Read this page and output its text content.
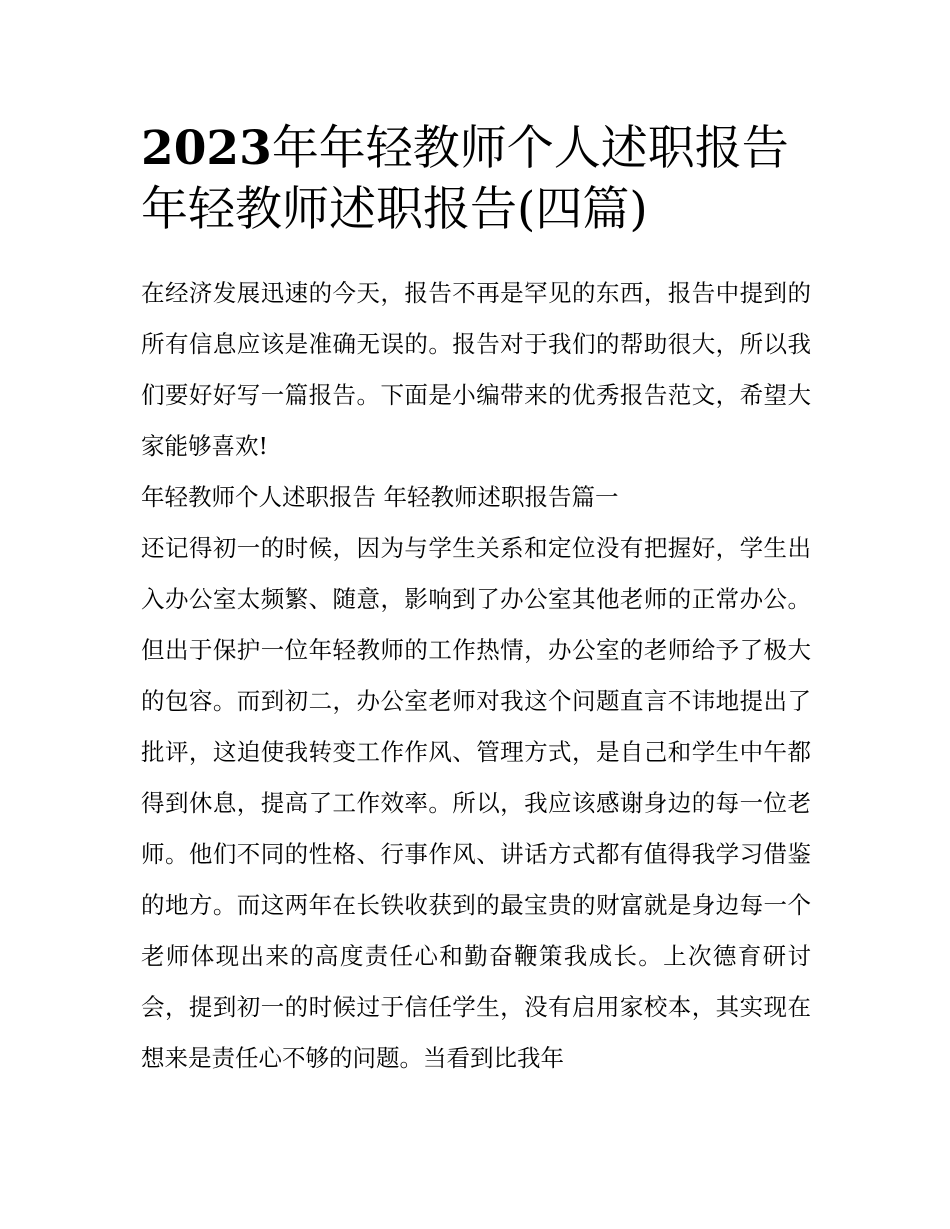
2023年年轻教师个人述职报告
年轻教师述职报告(四篇)

在经济发展迅速的今天，报告不再是罕见的东西，报告中提到的所有信息应该是准确无误的。报告对于我们的帮助很大，所以我们要好好写一篇报告。下面是小编带来的优秀报告范文，希望大家能够喜欢!

年轻教师个人述职报告 年轻教师述职报告篇一

还记得初一的时候，因为与学生关系和定位没有把握好，学生出入办公室太频繁、随意，影响到了办公室其他老师的正常办公。但出于保护一位年轻教师的工作热情，办公室的老师给予了极大的包容。而到初二，办公室老师对我这个问题直言不讳地提出了批评，这迫使我转变工作作风、管理方式，是自己和学生中午都得到休息，提高了工作效率。所以，我应该感谢身边的每一位老师。他们不同的性格、行事作风、讲话方式都有值得我学习借鉴的地方。而这两年在长铁收获到的最宝贵的财富就是身边每一个老师体现出来的高度责任心和勤奋鞭策我成长。上次德育研讨会，提到初一的时候过于信任学生，没有启用家校本，其实现在想来是责任心不够的问题。当看到比我年
